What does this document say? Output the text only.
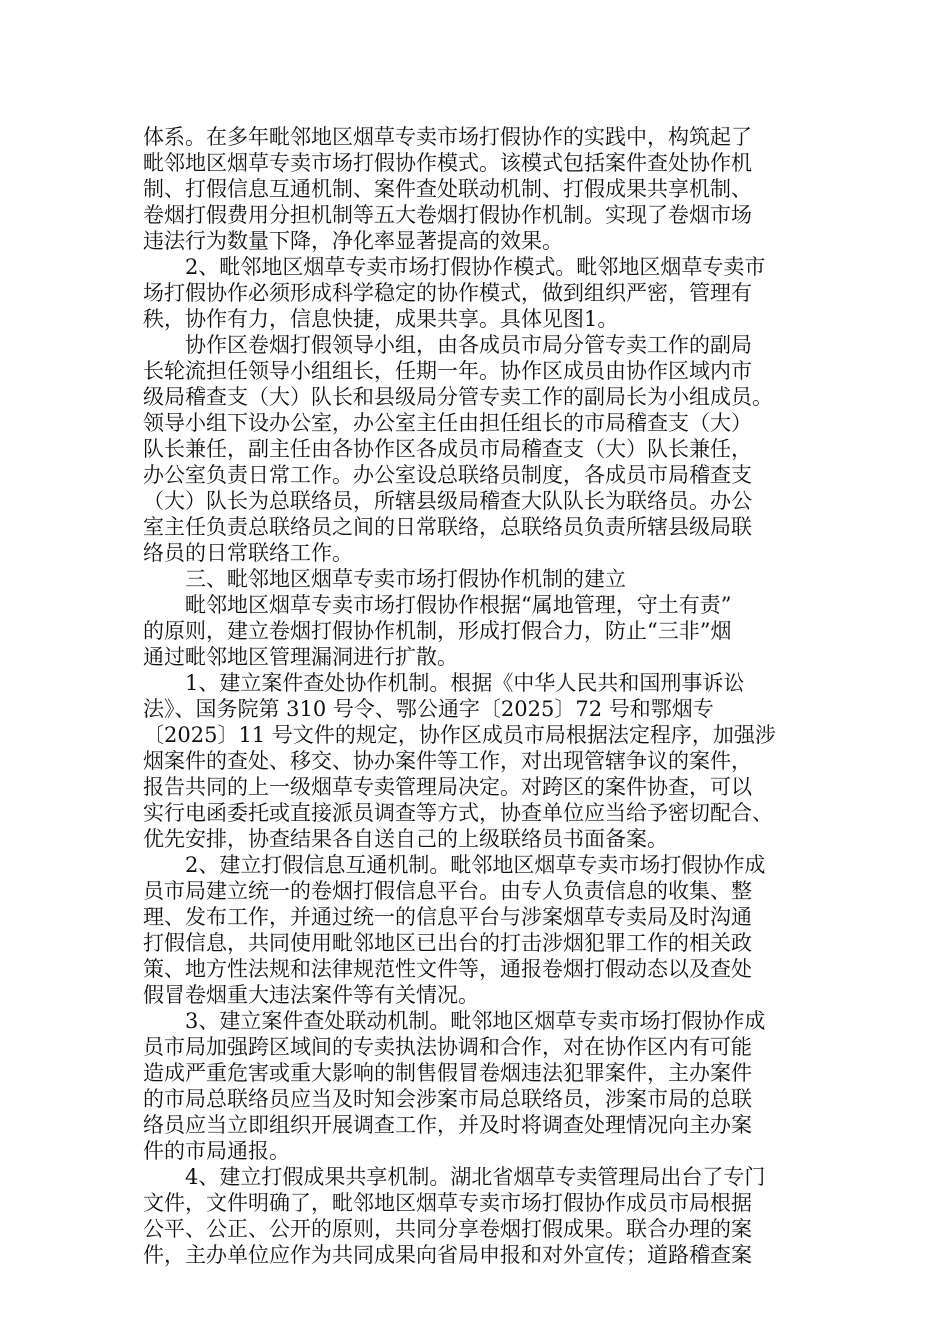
体系。在多年毗邻地区烟草专卖市场打假协作的实践中，构筑起了
毗邻地区烟草专卖市场打假协作模式。该模式包括案件查处协作机
制、打假信息互通机制、案件查处联动机制、打假成果共享机制、
卷烟打假费用分担机制等五大卷烟打假协作机制。实现了卷烟市场
违法行为数量下降，净化率显著提高的效果。
　　2、毗邻地区烟草专卖市场打假协作模式。毗邻地区烟草专卖市
场打假协作必须形成科学稳定的协作模式，做到组织严密，管理有
秩，协作有力，信息快捷，成果共享。具体见图1。
　　协作区卷烟打假领导小组，由各成员市局分管专卖工作的副局
长轮流担任领导小组组长，任期一年。协作区成员由协作区域内市
级局稽查支（大）队长和县级局分管专卖工作的副局长为小组成员。
领导小组下设办公室，办公室主任由担任组长的市局稽查支（大）
队长兼任，副主任由各协作区各成员市局稽查支（大）队长兼任，
办公室负责日常工作。办公室设总联络员制度，各成员市局稽查支
（大）队长为总联络员，所辖县级局稽查大队队长为联络员。办公
室主任负责总联络员之间的日常联络，总联络员负责所辖县级局联
络员的日常联络工作。
　　三、毗邻地区烟草专卖市场打假协作机制的建立
　　毗邻地区烟草专卖市场打假协作根据“属地管理，守土有责”
的原则，建立卷烟打假协作机制，形成打假合力，防止“三非”烟
通过毗邻地区管理漏洞进行扩散。
　　1、建立案件查处协作机制。根据《中华人民共和国刑事诉讼
法》、国务院第 310 号令、鄂公通字〔2025〕72 号和鄂烟专
〔2025〕11 号文件的规定，协作区成员市局根据法定程序，加强涉
烟案件的查处、移交、协办案件等工作，对出现管辖争议的案件，
报告共同的上一级烟草专卖管理局决定。对跨区的案件协查，可以
实行电函委托或直接派员调查等方式，协查单位应当给予密切配合、
优先安排，协查结果各自送自己的上级联络员书面备案。
　　2、建立打假信息互通机制。毗邻地区烟草专卖市场打假协作成
员市局建立统一的卷烟打假信息平台。由专人负责信息的收集、整
理、发布工作，并通过统一的信息平台与涉案烟草专卖局及时沟通
打假信息，共同使用毗邻地区已出台的打击涉烟犯罪工作的相关政
策、地方性法规和法律规范性文件等，通报卷烟打假动态以及查处
假冒卷烟重大违法案件等有关情况。
　　3、建立案件查处联动机制。毗邻地区烟草专卖市场打假协作成
员市局加强跨区域间的专卖执法协调和合作，对在协作区内有可能
造成严重危害或重大影响的制售假冒卷烟违法犯罪案件，主办案件
的市局总联络员应当及时知会涉案市局总联络员，涉案市局的总联
络员应当立即组织开展调查工作，并及时将调查处理情况向主办案
件的市局通报。
　　4、建立打假成果共享机制。湖北省烟草专卖管理局出台了专门
文件，文件明确了，毗邻地区烟草专卖市场打假协作成员市局根据
公平、公正、公开的原则，共同分享卷烟打假成果。联合办理的案
件，主办单位应作为共同成果向省局申报和对外宣传；道路稽查案
